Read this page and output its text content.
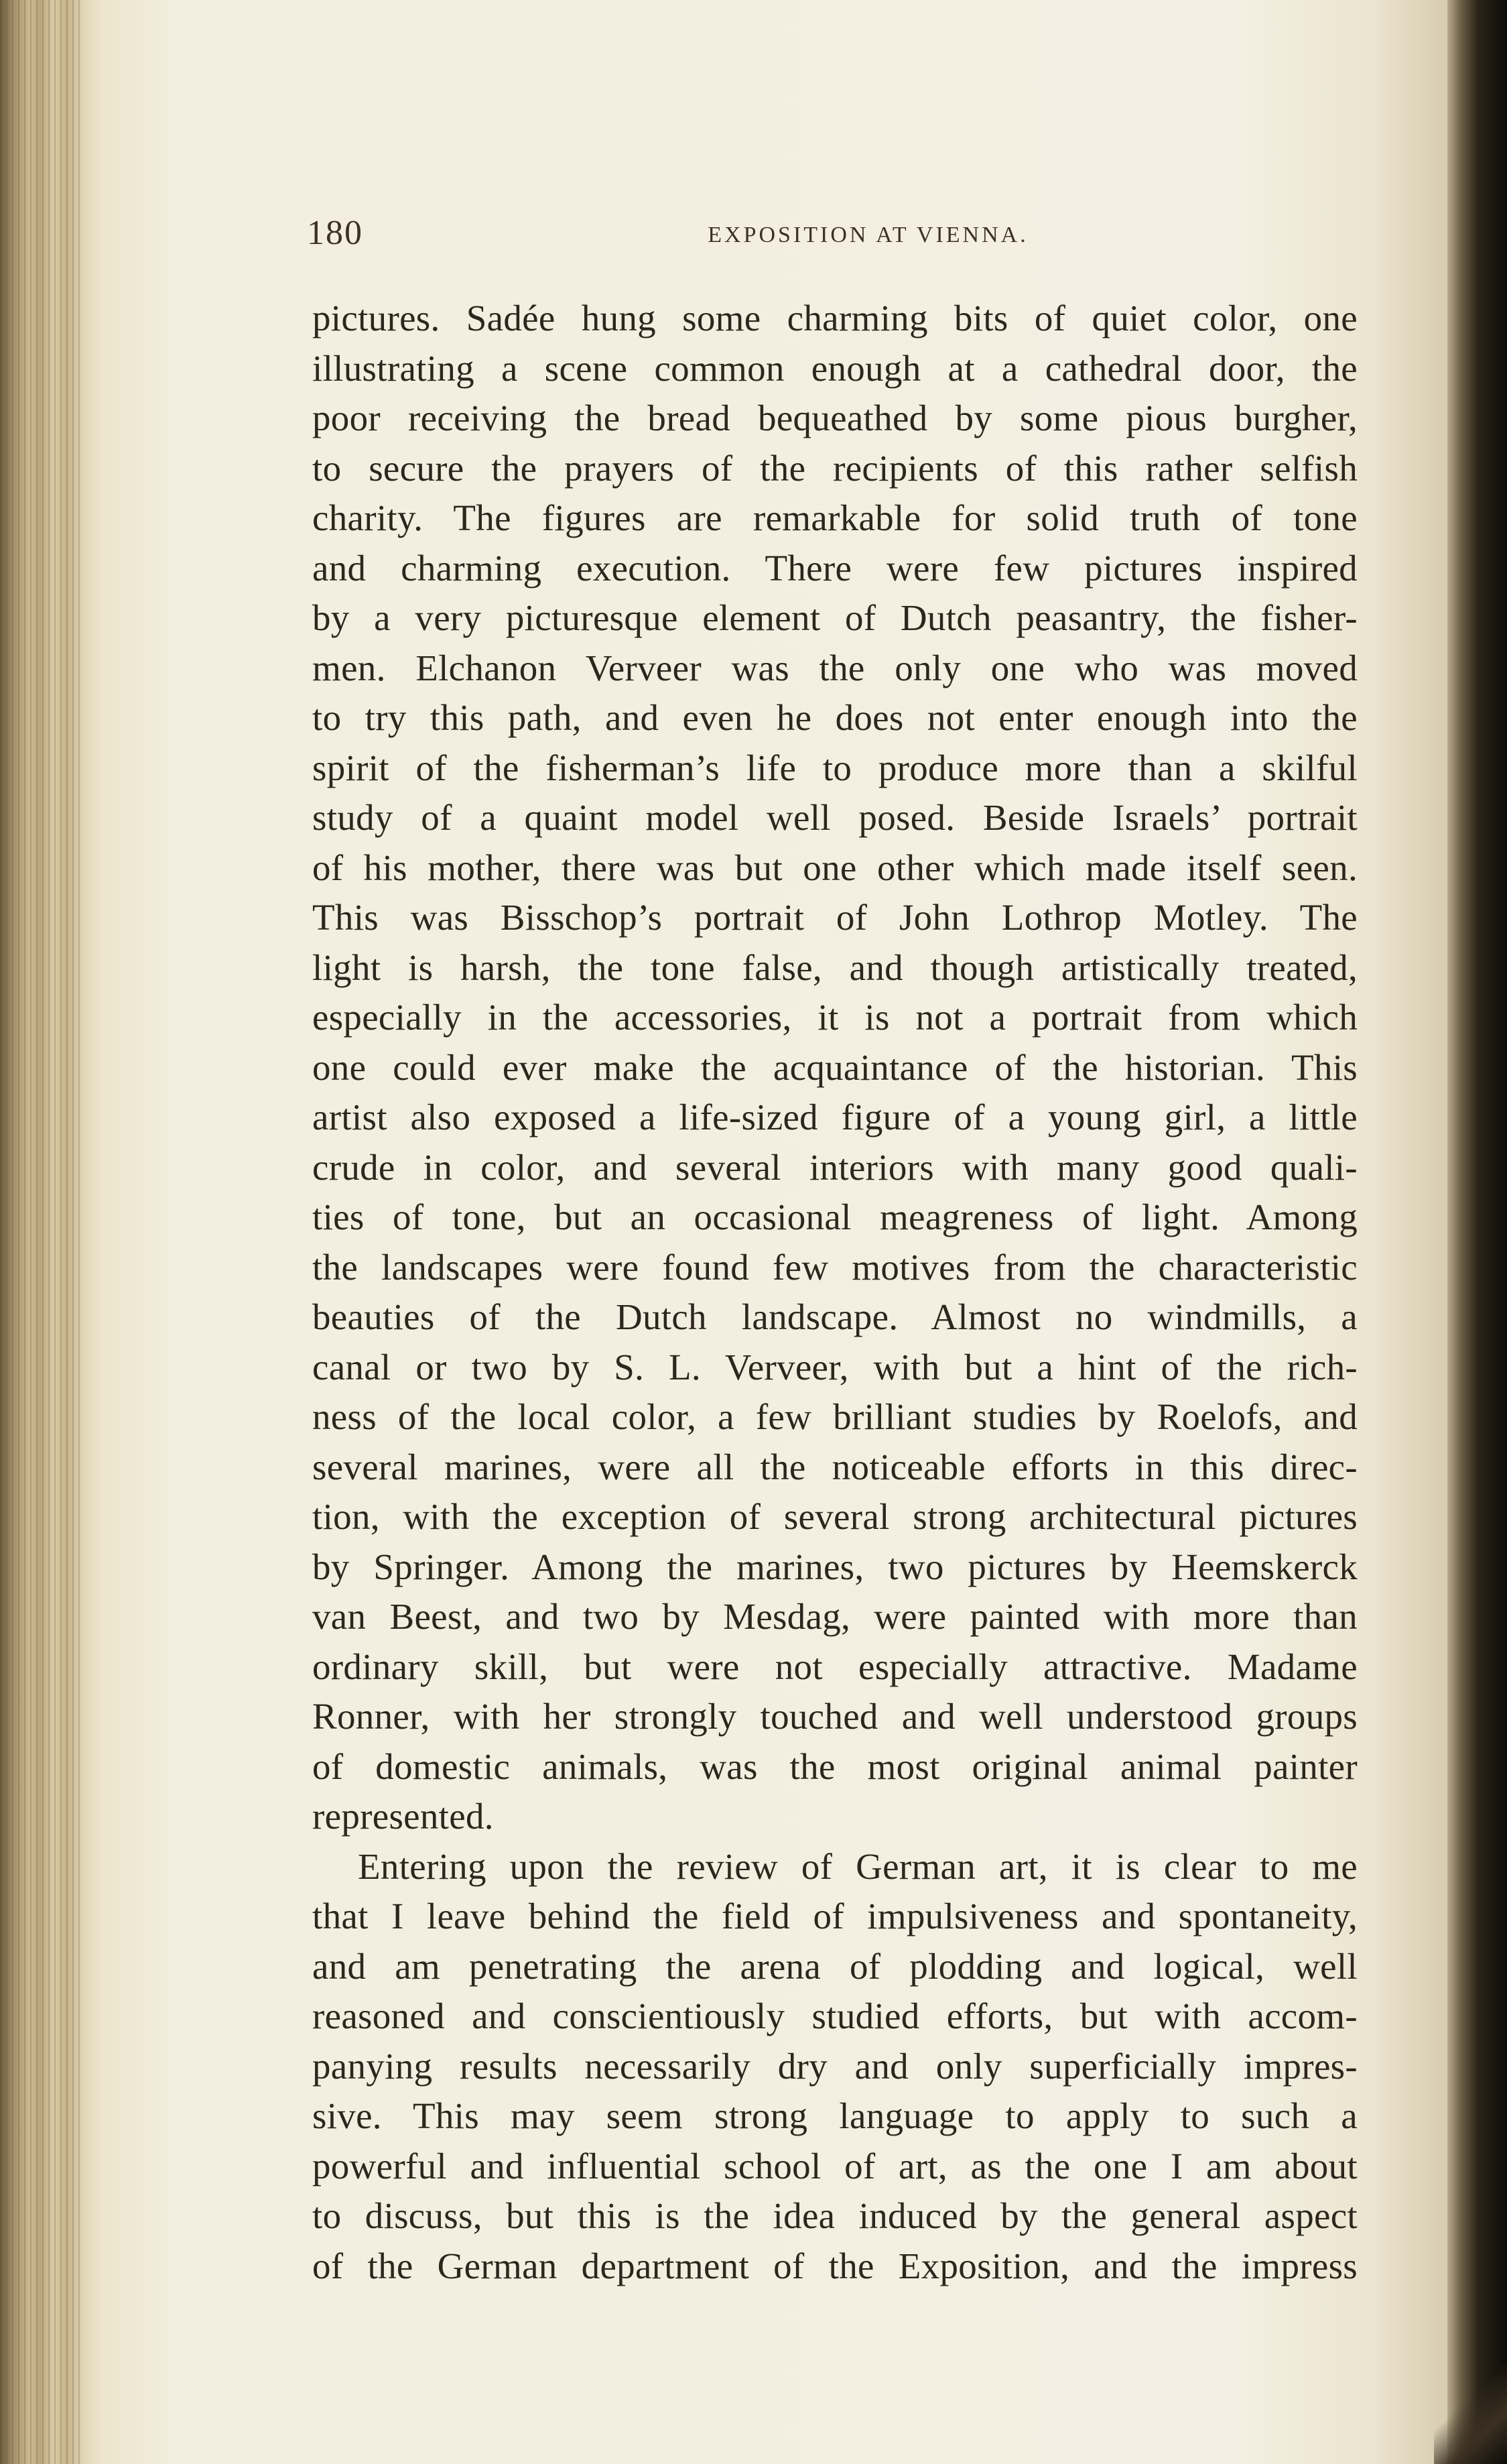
180	EXPOSITION AT VIENNA.
pictures. Sadée hung some charming bits of quiet color, one
illustrating a scene common enough at a cathedral door, the
poor receiving the bread bequeathed by some pious burgher,
to secure the prayers of the recipients of this rather selfish
charity. The figures are remarkable for solid truth of tone
and charming execution. There were few pictures inspired
by a very picturesque element of Dutch peasantry, the fisher-
men. Elchanon Verveer was the only one who was moved
to try this path, and even he does not enter enough into the
spirit of the fisherman’s life to produce more than a skilful
study of a quaint model well posed. Beside Israels’ portrait
of his mother, there was but one other which made itself seen.
This was Bisschop’s portrait of John Lothrop Motley. The
light is harsh, the tone false, and though artistically treated,
especially in the accessories, it is not a portrait from which
one could ever make the acquaintance of the historian. This
artist also exposed a life-sized figure of a young girl, a little
crude in color, and several interiors with many good quali-
ties of tone, but an occasional meagreness of light. Among
the landscapes were found few motives from the characteristic
beauties of the Dutch landscape. Almost no windmills, a
canal or two by S. L. Verveer, with but a hint of the rich-
ness of the local color, a few brilliant studies by Roelofs, and
several marines, were all the noticeable efforts in this direc-
tion, with the exception of several strong architectural pictures
by Springer. Among the marines, two pictures by Heemskerck
van Beest, and two by Mesdag, were painted with more than
ordinary skill, but were not especially attractive. Madame
Ronner, with her strongly touched and well understood groups
of domestic animals, was the most original animal painter
represented.
Entering upon the review of German art, it is clear to me
that I leave behind the field of impulsiveness and spontaneity,
and am penetrating the arena of plodding and logical, well
reasoned and conscientiously studied efforts, but with accom-
panying results necessarily dry and only superficially impres-
sive. This may seem strong language to apply to such a
powerful and influential school of art, as the one I am about
to discuss, but this is the idea induced by the general aspect
of the German department of the Exposition, and the impress
